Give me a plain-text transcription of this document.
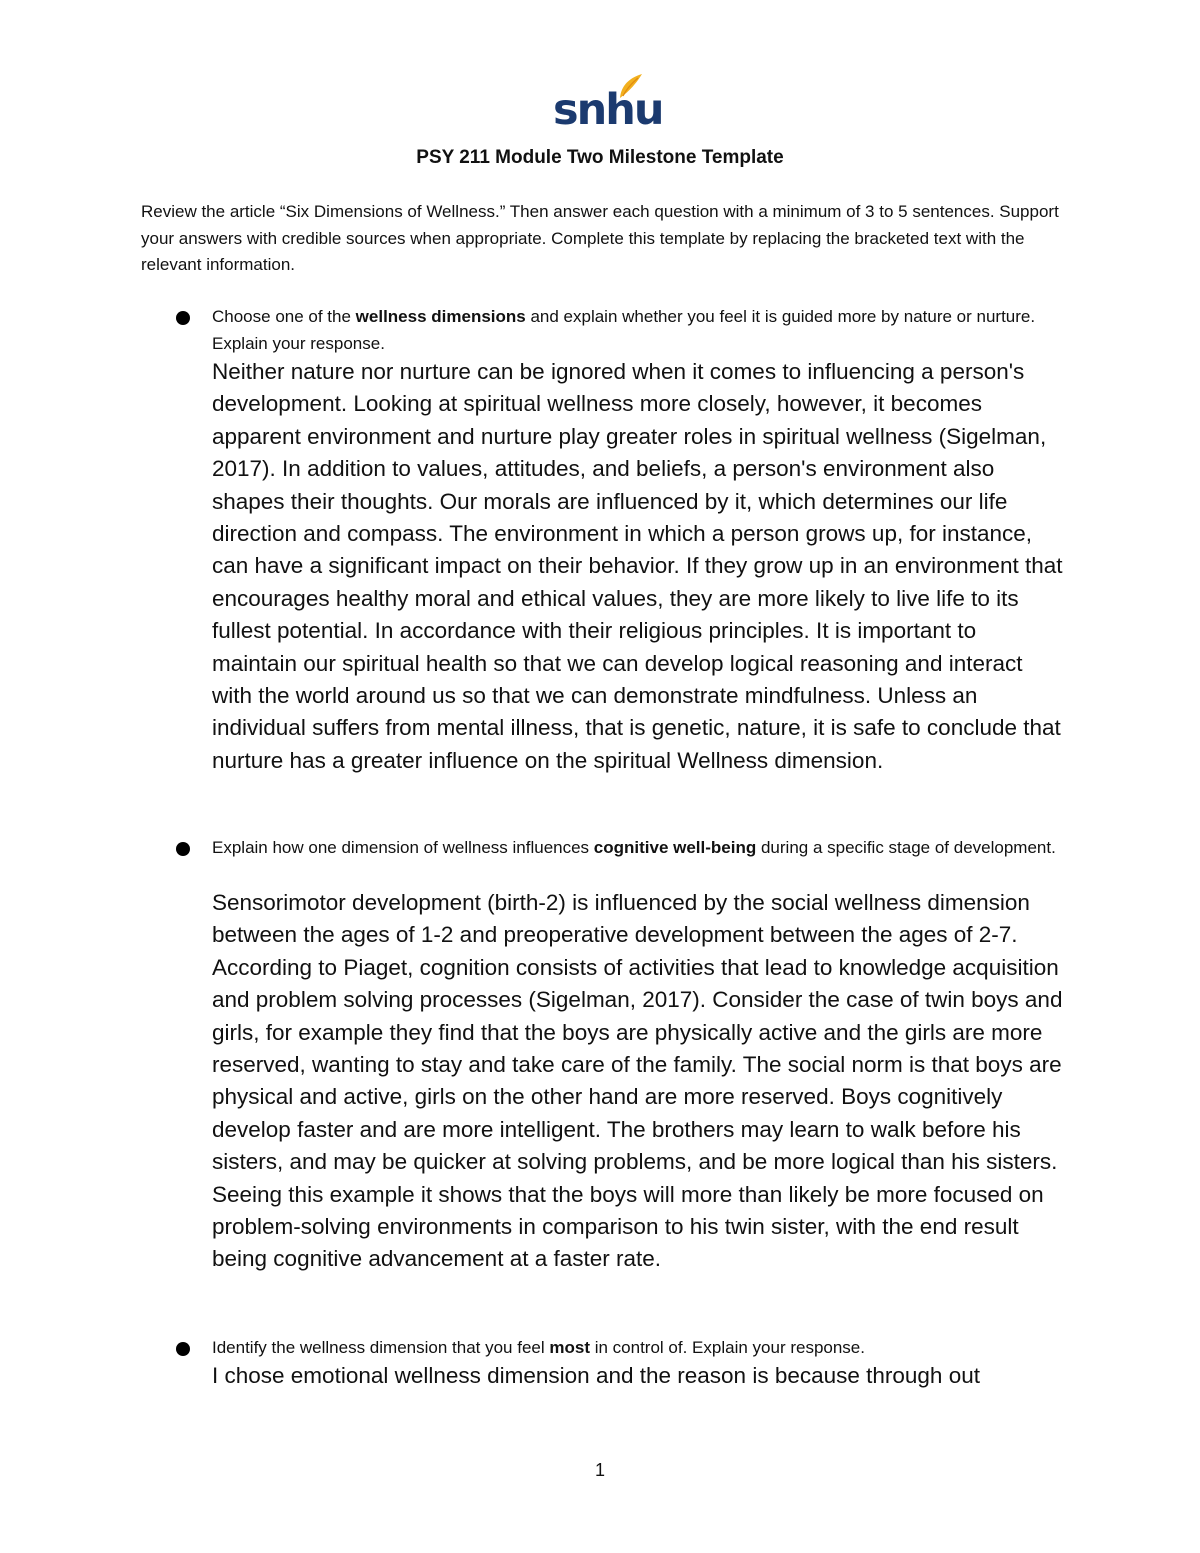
snhu
PSY 211 Module Two Milestone Template
Review the article “Six Dimensions of Wellness.” Then answer each question with a minimum of 3 to 5 sentences. Support your answers with credible sources when appropriate. Complete this template by replacing the bracketed text with the relevant information.
Choose one of the wellness dimensions and explain whether you feel it is guided more by nature or nurture. Explain your response.
Neither nature nor nurture can be ignored when it comes to influencing a person's development. Looking at spiritual wellness more closely, however, it becomes apparent environment and nurture play greater roles in spiritual wellness (Sigelman, 2017). In addition to values, attitudes, and beliefs, a person's environment also shapes their thoughts. Our morals are influenced by it, which determines our life direction and compass. The environment in which a person grows up, for instance, can have a significant impact on their behavior. If they grow up in an environment that encourages healthy moral and ethical values, they are more likely to live life to its fullest potential. In accordance with their religious principles. It is important to maintain our spiritual health so that we can develop logical reasoning and interact with the world around us so that we can demonstrate mindfulness. Unless an individual suffers from mental illness, that is genetic, nature, it is safe to conclude that nurture has a greater influence on the spiritual Wellness dimension.
Explain how one dimension of wellness influences cognitive well-being during a specific stage of development.
Sensorimotor development (birth-2) is influenced by the social wellness dimension between the ages of 1-2 and preoperative development between the ages of 2-7. According to Piaget, cognition consists of activities that lead to knowledge acquisition and problem solving processes (Sigelman, 2017). Consider the case of twin boys and girls, for example they find that the boys are physically active and the girls are more reserved, wanting to stay and take care of the family. The social norm is that boys are physical and active, girls on the other hand are more reserved. Boys cognitively develop faster and are more intelligent. The brothers may learn to walk before his sisters, and may be quicker at solving problems, and be more logical than his sisters. Seeing this example it shows that the boys will more than likely be more focused on problem-solving environments in comparison to his twin sister, with the end result being cognitive advancement at a faster rate.
Identify the wellness dimension that you feel most in control of. Explain your response.
I chose emotional wellness dimension and the reason is because through out
1
